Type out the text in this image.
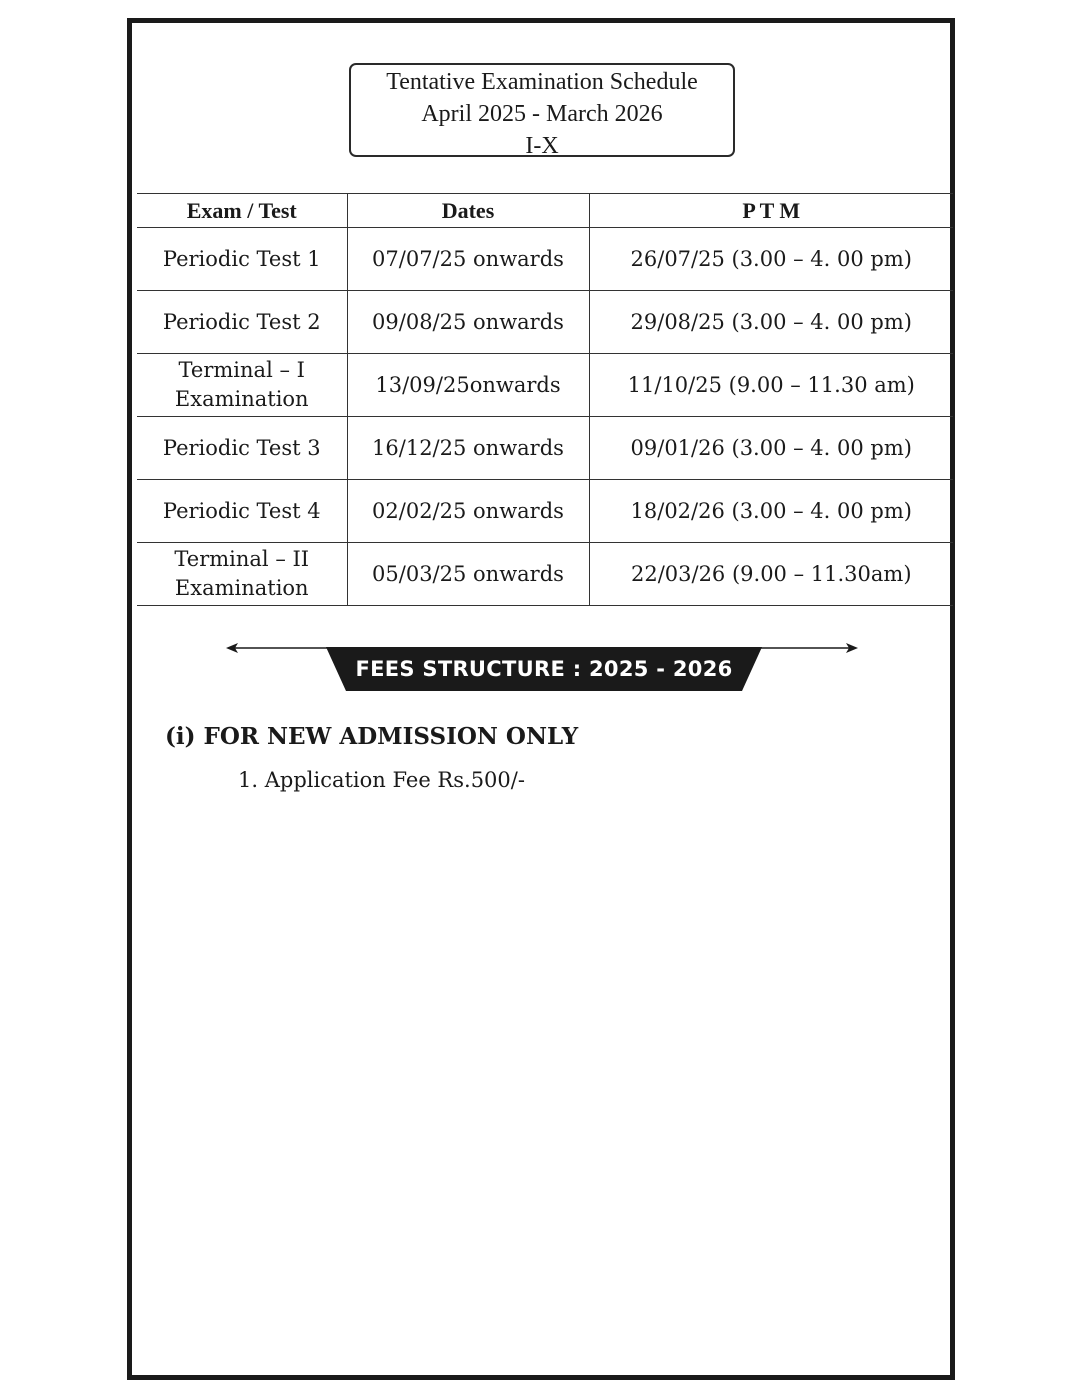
Tentative Examination Schedule
April 2025 - March 2026
I-X
Exam / Test	Dates	P T M

Periodic Test 1	07/07/25 onwards	26/07/25 (3.00 – 4. 00 pm)

Periodic Test 2	09/08/25 onwards	29/08/25 (3.00 – 4. 00 pm)

Terminal – I
Examination	13/09/25onwards	11/10/25 (9.00 – 11.30 am)

Periodic Test 3	16/12/25 onwards	09/01/26 (3.00 – 4. 00 pm)

Periodic Test 4	02/02/25 onwards	18/02/26 (3.00 – 4. 00 pm)

Terminal – II
Examination	05/03/25 onwards	22/03/26 (9.00 – 11.30am)
FEES STRUCTURE : 2025 - 2026
(i) FOR NEW ADMISSION ONLY
1. Application Fee Rs.500/-
